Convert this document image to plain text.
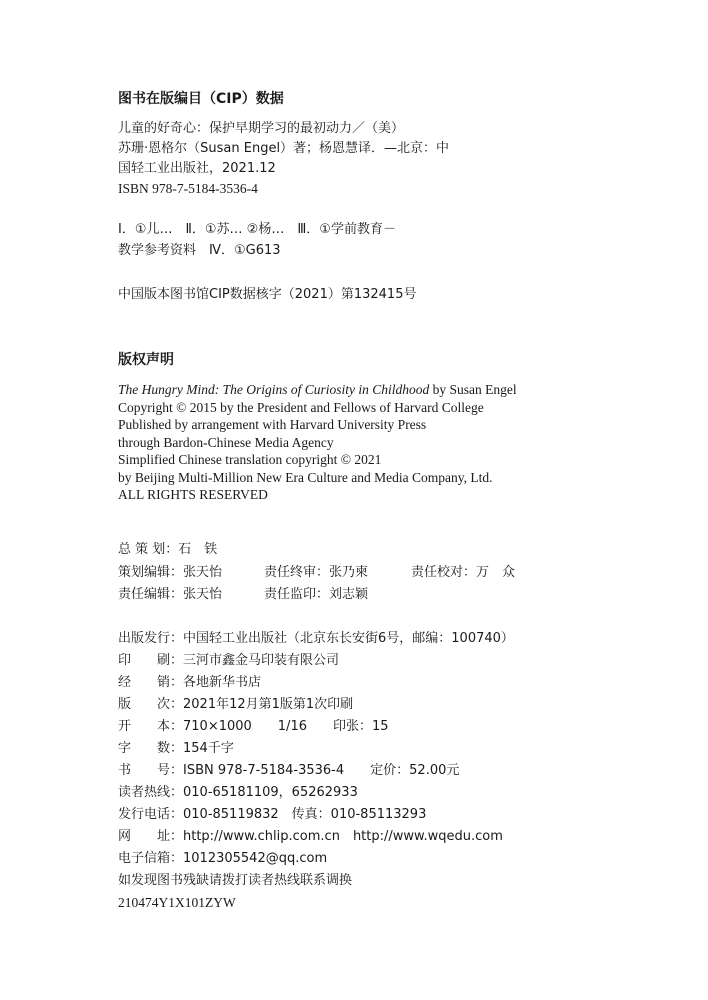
图书在版编目（CIP）数据
儿童的好奇心：保护早期学习的最初动力／（美）
苏珊·恩格尔（Susan Engel）著；杨恩慧译．—北京：中
国轻工业出版社，2021.12
ISBN 978-7-5184-3536-4
Ⅰ．①儿…　Ⅱ．①苏… ②杨…　Ⅲ．①学前教育－
教学参考资料　Ⅳ．①G613
中国版本图书馆CIP数据核字（2021）第132415号
版权声明
The Hungry Mind: The Origins of Curiosity in Childhood by Susan Engel
Copyright © 2015 by the President and Fellows of Harvard College
Published by arrangement with Harvard University Press
through Bardon-Chinese Media Agency
Simplified Chinese translation copyright © 2021
by Beijing Multi-Million New Era Culture and Media Company, Ltd.
ALL RIGHTS RESERVED
总 策 划：石　铁
策划编辑：张天怡	责任终审：张乃柬	责任校对：万　众
责任编辑：张天怡	责任监印：刘志颖
出版发行：中国轻工业出版社（北京东长安街6号，邮编：100740）
印　　刷：三河市鑫金马印装有限公司
经　　销：各地新华书店
版　　次：2021年12月第1版第1次印刷
开　　本：710×1000　　1/16　　印张：15
字　　数：154千字
书　　号：ISBN 978-7-5184-3536-4　　定价：52.00元
读者热线：010-65181109，65262933
发行电话：010-85119832　传真：010-85113293
网　　址：http://www.chlip.com.cn　http://www.wqedu.com
电子信箱：1012305542@qq.com
如发现图书残缺请拨打读者热线联系调换
210474Y1X101ZYW
